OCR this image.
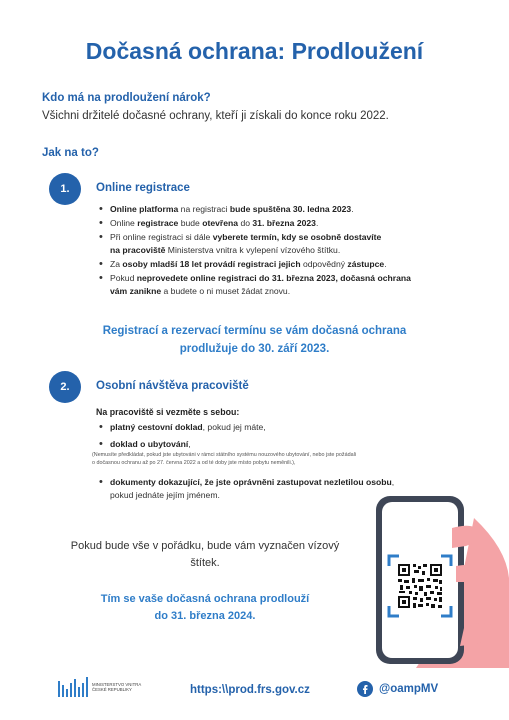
Dočasná ochrana: Prodloužení
Kdo má na prodloužení nárok?
Všichni držitelé dočasné ochrany, kteří ji získali do konce roku 2022.
Jak na to?
1.	Online registrace
• Online platforma na registraci bude spuštěna 30. ledna 2023.
• Online registrace bude otevřena do 31. března 2023.
• Při online registraci si dále vyberete termín, kdy se osobně dostavíte
na pracoviště Ministerstva vnitra k vylepení vízového štítku.
• Za osoby mladší 18 let provádí registraci jejich odpovědný zástupce.
• Pokud neprovedete online registraci do 31. března 2023, dočasná ochrana
vám zanikne a budete o ni muset žádat znovu.
Registrací a rezervací termínu se vám dočasná ochrana
prodlužuje do 30. září 2023.
2.	Osobní návštěva pracoviště
Na pracoviště si vezměte s sebou:
• platný cestovní doklad, pokud jej máte,
• doklad o ubytování,
(Nemusíte předkládat, pokud jste ubytováni v rámci státního systému nouzového ubytování, nebo jste požádali
o dočasnou ochranu až po 27. června 2022 a od té doby jste místo pobytu neměnili.),
• dokumenty dokazující, že jste oprávněni zastupovat nezletilou osobu,
pokud jednáte jejím jménem.
Pokud bude vše v pořádku, bude vám vyznačen vízový
štítek.
Tím se vaše dočasná ochrana prodlouží
do 31. března 2024.
MINISTERSTVO VNITRA
ČESKÉ REPUBLIKY	https:\\prod.frs.gov.cz	@oampMV
